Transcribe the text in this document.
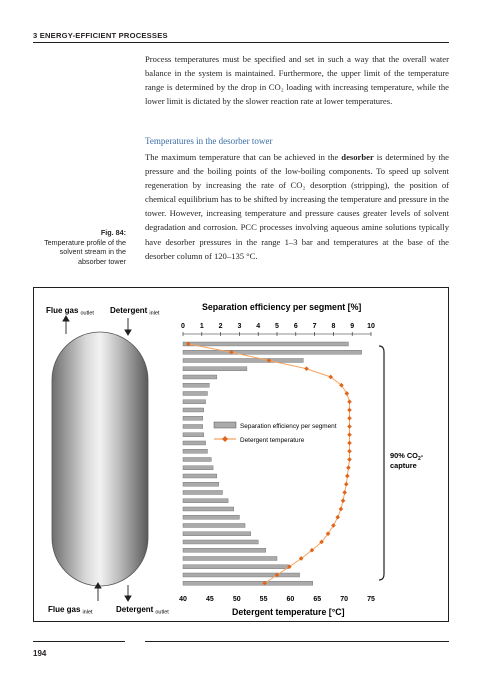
3 ENERGY-EFFICIENT PROCESSES
Process temperatures must be specified and set in such a way that the overall water balance in the system is maintained. Furthermore, the upper limit of the temperature range is determined by the drop in CO₂ loading with increasing temperature, while the lower limit is dictated by the slower reaction rate at lower temperatures.
Temperatures in the desorber tower
The maximum temperature that can be achieved in the desorber is determined by the pressure and the boiling points of the low-boiling components. To speed up solvent regeneration by increasing the rate of CO₂ desorption (stripping), the position of chemical equilibrium has to be shifted by increasing the temperature and pressure in the tower. However, increasing temperature and pressure causes greater levels of solvent degradation and corrosion. PCC processes involving aqueous amine solutions typically have desorber pressures in the range 1–3 bar and temperatures at the base of the desorber column of 120–135 °C.
Fig. 84:
Temperature profile of the solvent stream in the absorber tower
Flue gas outlet Detergent inlet
Flue gas inlet	Detergent outlet
Separation efficiency per segment [%]
Detergent temperature [°C]
0 1 2 3 4 5 6 7 8 9 10
40	45	50	55	60	65	70	75
Separation efficiency per segment
Detergent temperature
90% $CO_2-$
capture
194
